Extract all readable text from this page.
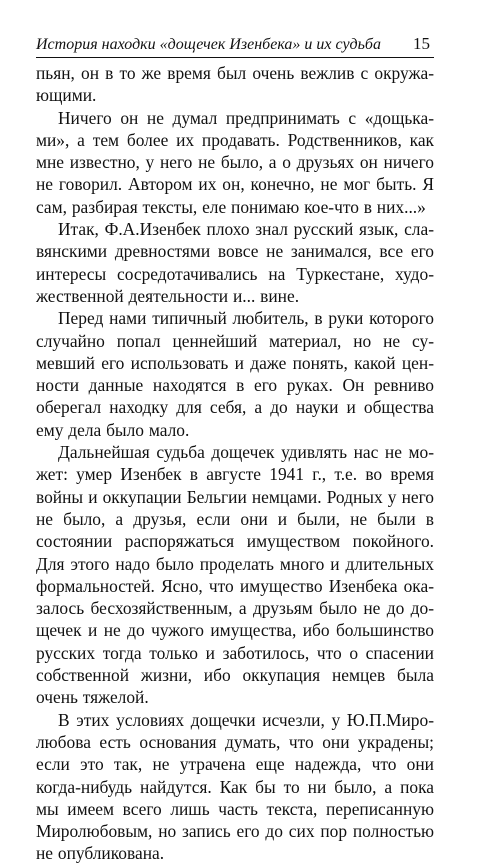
История находки «дощечек Изенбека» и их судьба 15

пьян, он в то же время был очень вежлив с окружающими.

Ничего он не думал предпринимать с «дощьками», а тем более их продавать. Родственников, как мне известно, у него не было, а о друзьях он ничего не говорил. Автором их он, конечно, не мог быть. Я сам, разбирая тексты, еле понимаю кое-что в них...»

Итак, Ф.А.Изенбек плохо знал русский язык, славянскими древностями вовсе не занимался, все его интересы сосредотачивались на Туркестане, художественной деятельности и... вине.

Перед нами типичный любитель, в руки которого случайно попал ценнейший материал, но не сумевший его использовать и даже понять, какой ценности данные находятся в его руках. Он ревниво оберегал находку для себя, а до науки и общества ему дела было мало.

Дальнейшая судьба дощечек удивлять нас не может: умер Изенбек в августе 1941 г., т.е. во время войны и оккупации Бельгии немцами. Родных у него не было, а друзья, если они и были, не были в состоянии распоряжаться имуществом покойного. Для этого надо было проделать много и длительных формальностей. Ясно, что имущество Изенбека оказалось бесхозяйственным, а друзьям было не до дощечек и не до чужого имущества, ибо большинство русских тогда только и заботилось, что о спасении собственной жизни, ибо оккупация немцев была очень тяжелой.

В этих условиях дощечки исчезли, у Ю.П.Миролюбова есть основания думать, что они украдены; если это так, не утрачена еще надежда, что они когда-нибудь найдутся. Как бы то ни было, а пока мы имеем всего лишь часть текста, переписанную Миролюбовым, но запись его до сих пор полностью не опубликована.
